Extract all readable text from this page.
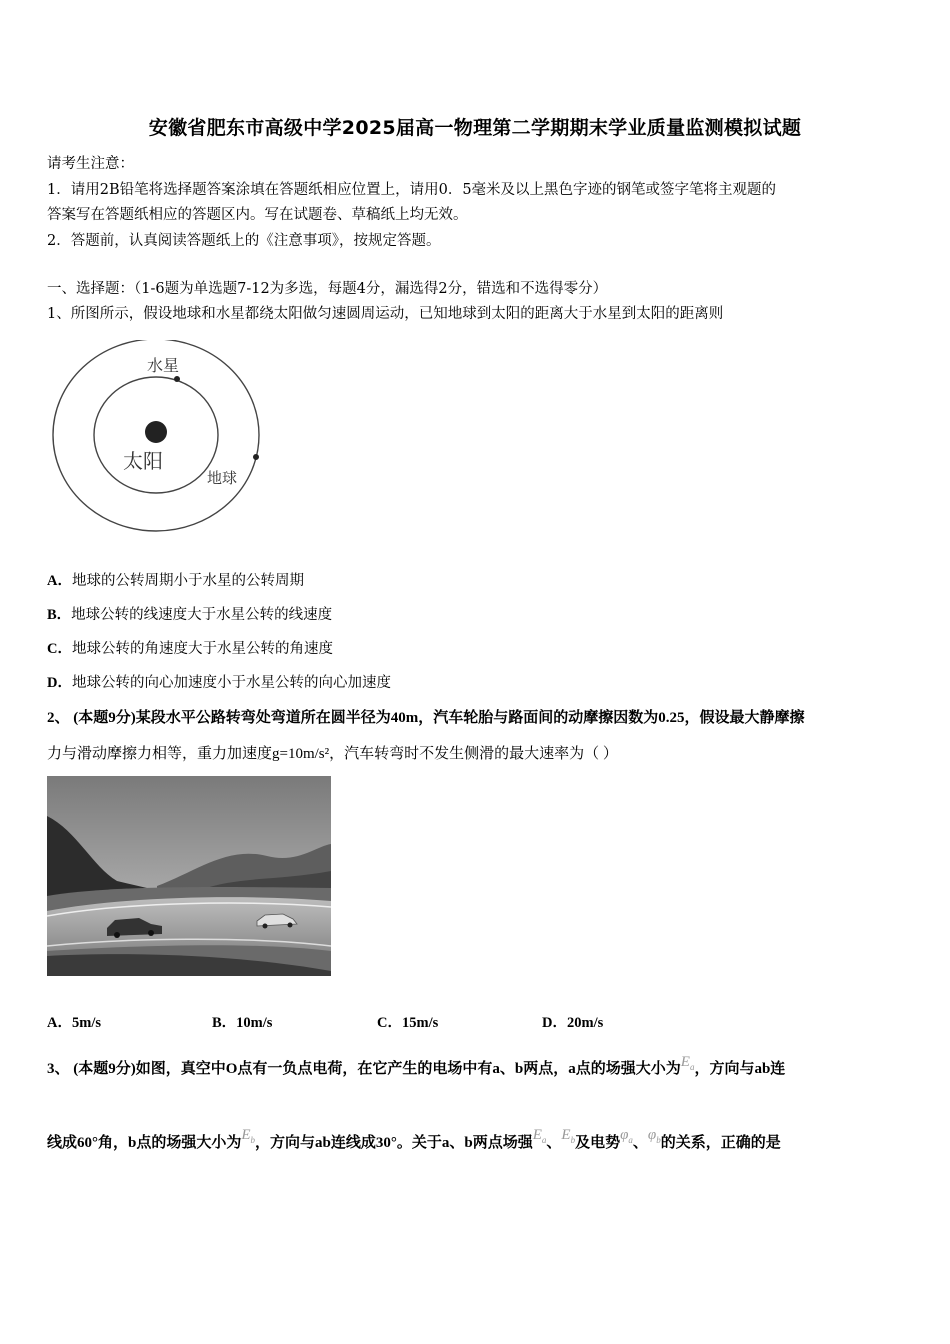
安徽省肥东市高级中学2025届高一物理第二学期期末学业质量监测模拟试题
请考生注意：
1．请用2B铅笔将选择题答案涂填在答题纸相应位置上，请用0．5毫米及以上黑色字迹的钢笔或签字笔将主观题的
答案写在答题纸相应的答题区内。写在试题卷、草稿纸上均无效。
2．答题前，认真阅读答题纸上的《注意事项》，按规定答题。
一、选择题：（1-6题为单选题7-12为多选，每题4分，漏选得2分，错选和不选得零分）
1、所图所示，假设地球和水星都绕太阳做匀速圆周运动，已知地球到太阳的距离大于水星到太阳的距离则
水星
太阳
地球
A．地球的公转周期小于水星的公转周期
B．地球公转的线速度大于水星公转的线速度
C．地球公转的角速度大于水星公转的角速度
D．地球公转的向心加速度小于水星公转的向心加速度
2、 (本题9分)某段水平公路转弯处弯道所在圆半径为40m，汽车轮胎与路面间的动摩擦因数为0.25，假设最大静摩擦
力与滑动摩擦力相等，重力加速度g=10m/s²，汽车转弯时不发生侧滑的最大速率为（ ）
A．5m/s	B．10m/s	C．15m/s	D．20m/s
3、 (本题9分)如图，真空中O点有一负点电荷，在它产生的电场中有a、b两点，a点的场强大小为$E_a$，方向与ab连
线成60°角，b点的场强大小为$E_b$，方向与ab连线成30°。关于a、b两点场强$E_a$、$E_b$及电势$\varphi_a$、$\varphi_b$的关系，正确的是
